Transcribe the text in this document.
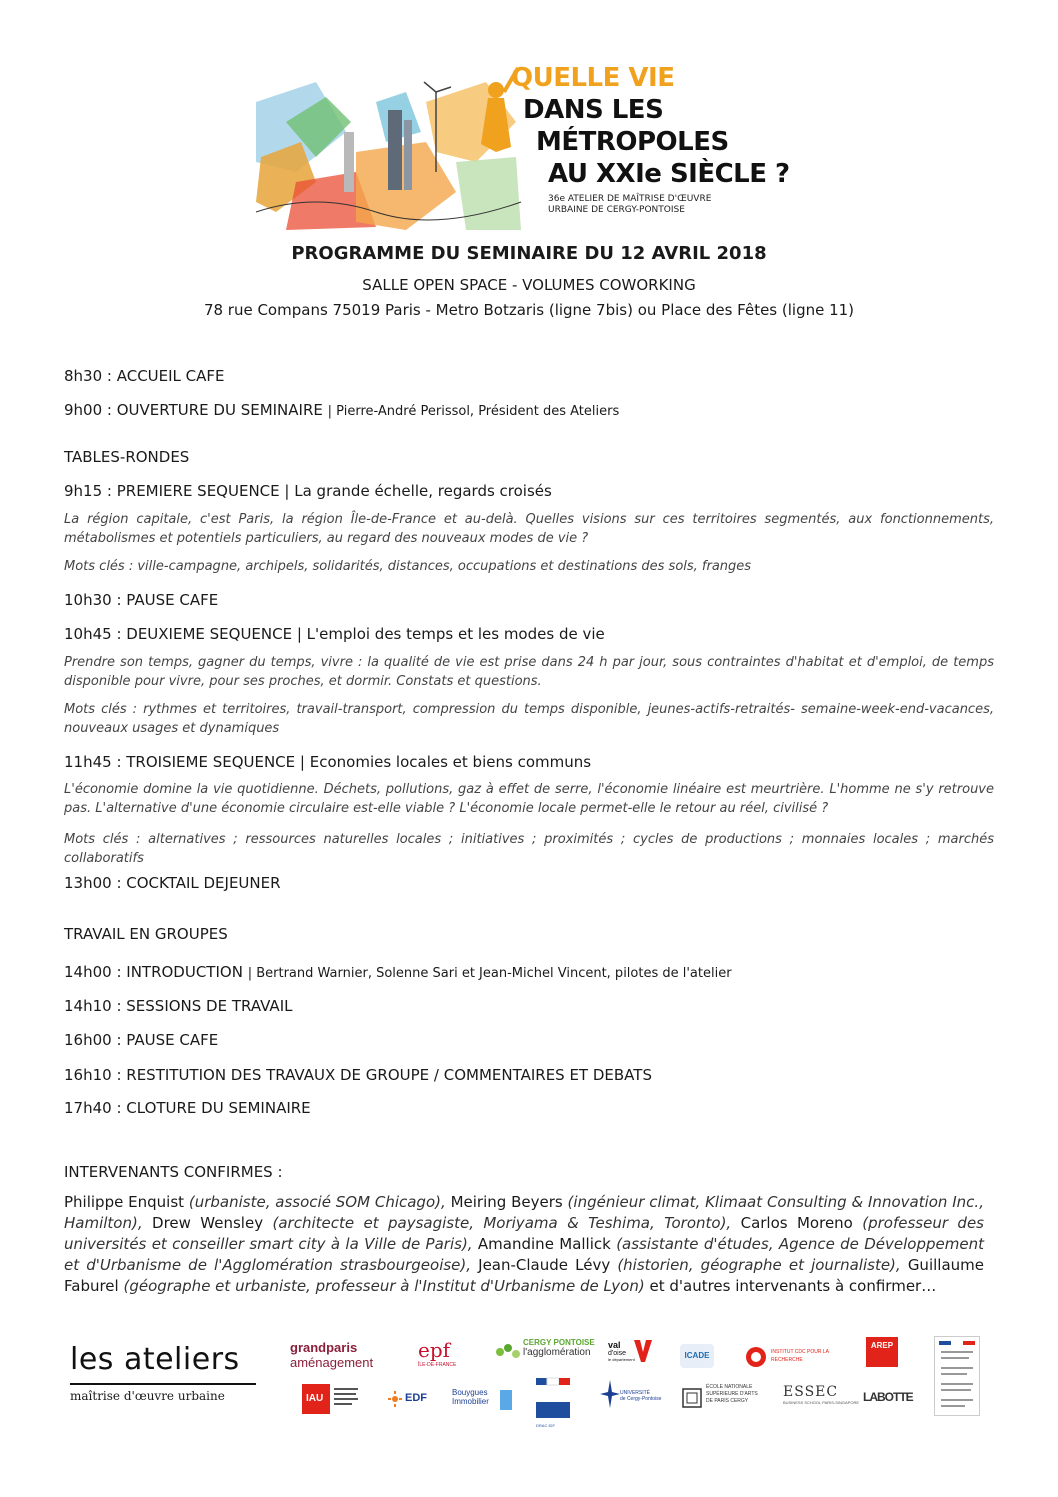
QUELLE VIE
DANS LES
MÉTROPOLES
AU XXIe SIÈCLE ?
36e ATELIER DE MAÎTRISE D'ŒUVRE
URBAINE DE CERGY-PONTOISE
PROGRAMME DU SEMINAIRE DU 12 AVRIL 2018
SALLE OPEN SPACE - VOLUMES COWORKING
78 rue Compans 75019 Paris - Metro Botzaris (ligne 7bis) ou Place des Fêtes (ligne 11)
8h30 : ACCUEIL CAFE
9h00 : OUVERTURE DU SEMINAIRE | Pierre-André Perissol, Président des Ateliers
TABLES-RONDES
9h15 : PREMIERE SEQUENCE | La grande échelle, regards croisés
La région capitale, c'est Paris, la région Île-de-France et au-delà. Quelles visions sur ces territoires segmentés, aux fonctionnements, métabolismes et potentiels particuliers, au regard des nouveaux modes de vie ?
Mots clés : ville-campagne, archipels, solidarités, distances, occupations et destinations des sols, franges
10h30 : PAUSE CAFE
10h45 : DEUXIEME SEQUENCE | L'emploi des temps et les modes de vie
Prendre son temps, gagner du temps, vivre : la qualité de vie est prise dans 24 h par jour, sous contraintes d'habitat et d'emploi, de temps disponible pour vivre, pour ses proches, et dormir. Constats et questions.
Mots clés : rythmes et territoires, travail-transport, compression du temps disponible, jeunes-actifs-retraités- semaine-week-end-vacances, nouveaux usages et dynamiques
11h45 : TROISIEME SEQUENCE | Economies locales et biens communs
L'économie domine la vie quotidienne. Déchets, pollutions, gaz à effet de serre, l'économie linéaire est meurtrière. L'homme ne s'y retrouve pas. L'alternative d'une économie circulaire est-elle viable ? L'économie locale permet-elle le retour au réel, civilisé ?
Mots clés : alternatives ; ressources naturelles locales ; initiatives ; proximités ; cycles de productions ; monnaies locales ; marchés collaboratifs
13h00 : COCKTAIL DEJEUNER
TRAVAIL EN GROUPES
14h00 : INTRODUCTION | Bertrand Warnier, Solenne Sari et Jean-Michel Vincent, pilotes de l'atelier
14h10 : SESSIONS DE TRAVAIL
16h00 : PAUSE CAFE
16h10 : RESTITUTION DES TRAVAUX DE GROUPE / COMMENTAIRES ET DEBATS
17h40 : CLOTURE DU SEMINAIRE
INTERVENANTS CONFIRMES :
Philippe Enquist (urbaniste, associé SOM Chicago), Meiring Beyers (ingénieur climat, Klimaat Consulting & Innovation Inc., Hamilton), Drew Wensley (architecte et paysagiste, Moriyama & Teshima, Toronto), Carlos Moreno (professeur des universités et conseiller smart city à la Ville de Paris), Amandine Mallick (assistante d'études, Agence de Développement et d'Urbanisme de l'Agglomération strasbourgeoise), Jean-Claude Lévy (historien, géographe et journaliste), Guillaume Faburel (géographe et urbaniste, professeur à l'Institut d'Urbanisme de Lyon) et d'autres intervenants à confirmer…
les ateliers
maîtrise d'œuvre urbaine
grandparis
aménagement
epf
ÎLE-DE-FRANCE
CERGY PONTOISE
l'agglomération
val
d'oise
le département	ICADE	INSTITUT CDC POUR LA RECHERCHE
AREP
IAU	EDF	Bouygues
Immobilier
DRAC IDF
UNIVERSITÉ
de Cergy-Pontoise
ÉCOLE NATIONALE SUPÉRIEURE D'ARTS DE PARIS CERGY
ESSEC
BUSINESS SCHOOL PARIS-SINGAPORE LABOTTE
